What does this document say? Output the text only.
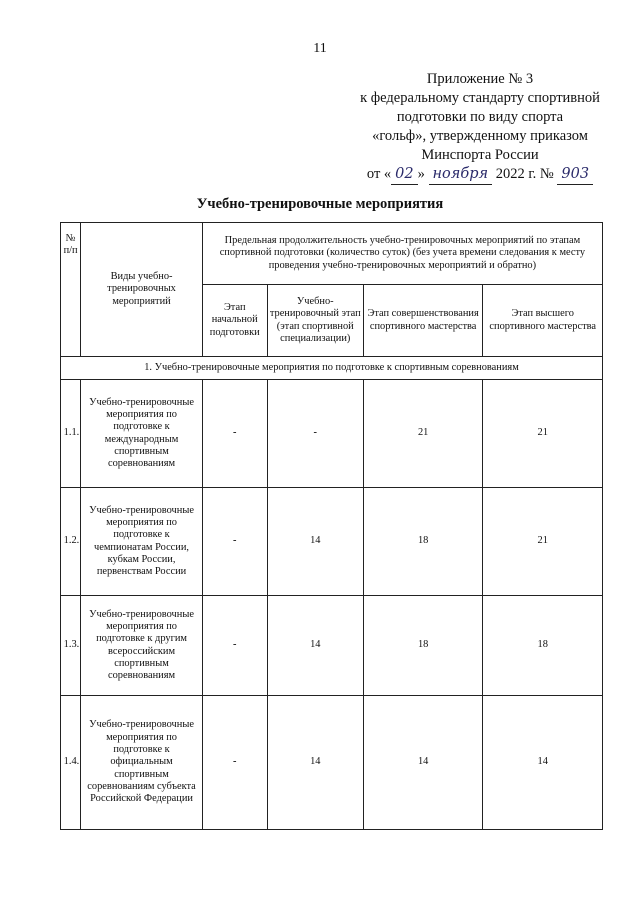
11
Приложение № 3
к федеральному стандарту спортивной
подготовки по виду спорта
«гольф», утвержденному приказом
Минспорта России
от « 02 » ноября 2022 г. № 903
Учебно-тренировочные мероприятия
№ п/п	Виды учебно-тренировочных мероприятий	Предельная продолжительность учебно-тренировочных мероприятий по этапам спортивной подготовки (количество суток) (без учета времени следования к месту проведения учебно-тренировочных мероприятий и обратно)			
		Этап начальной подготовки	Учебно-тренировочный этап (этап спортивной специализации)	Этап совершенствования спортивного мастерства	Этап высшего спортивного мастерства
1. Учебно-тренировочные мероприятия по подготовке к спортивным соревнованиям					
1.1.	Учебно-тренировочные мероприятия по подготовке к международным спортивным соревнованиям	-	-	21	21
1.2.	Учебно-тренировочные мероприятия по подготовке к чемпионатам России, кубкам России, первенствам России	-	14	18	21
1.3.	Учебно-тренировочные мероприятия по подготовке к другим всероссийским спортивным соревнованиям	-	14	18	18
1.4.	Учебно-тренировочные мероприятия по подготовке к официальным спортивным соревнованиям субъекта Российской Федерации	-	14	14	14
